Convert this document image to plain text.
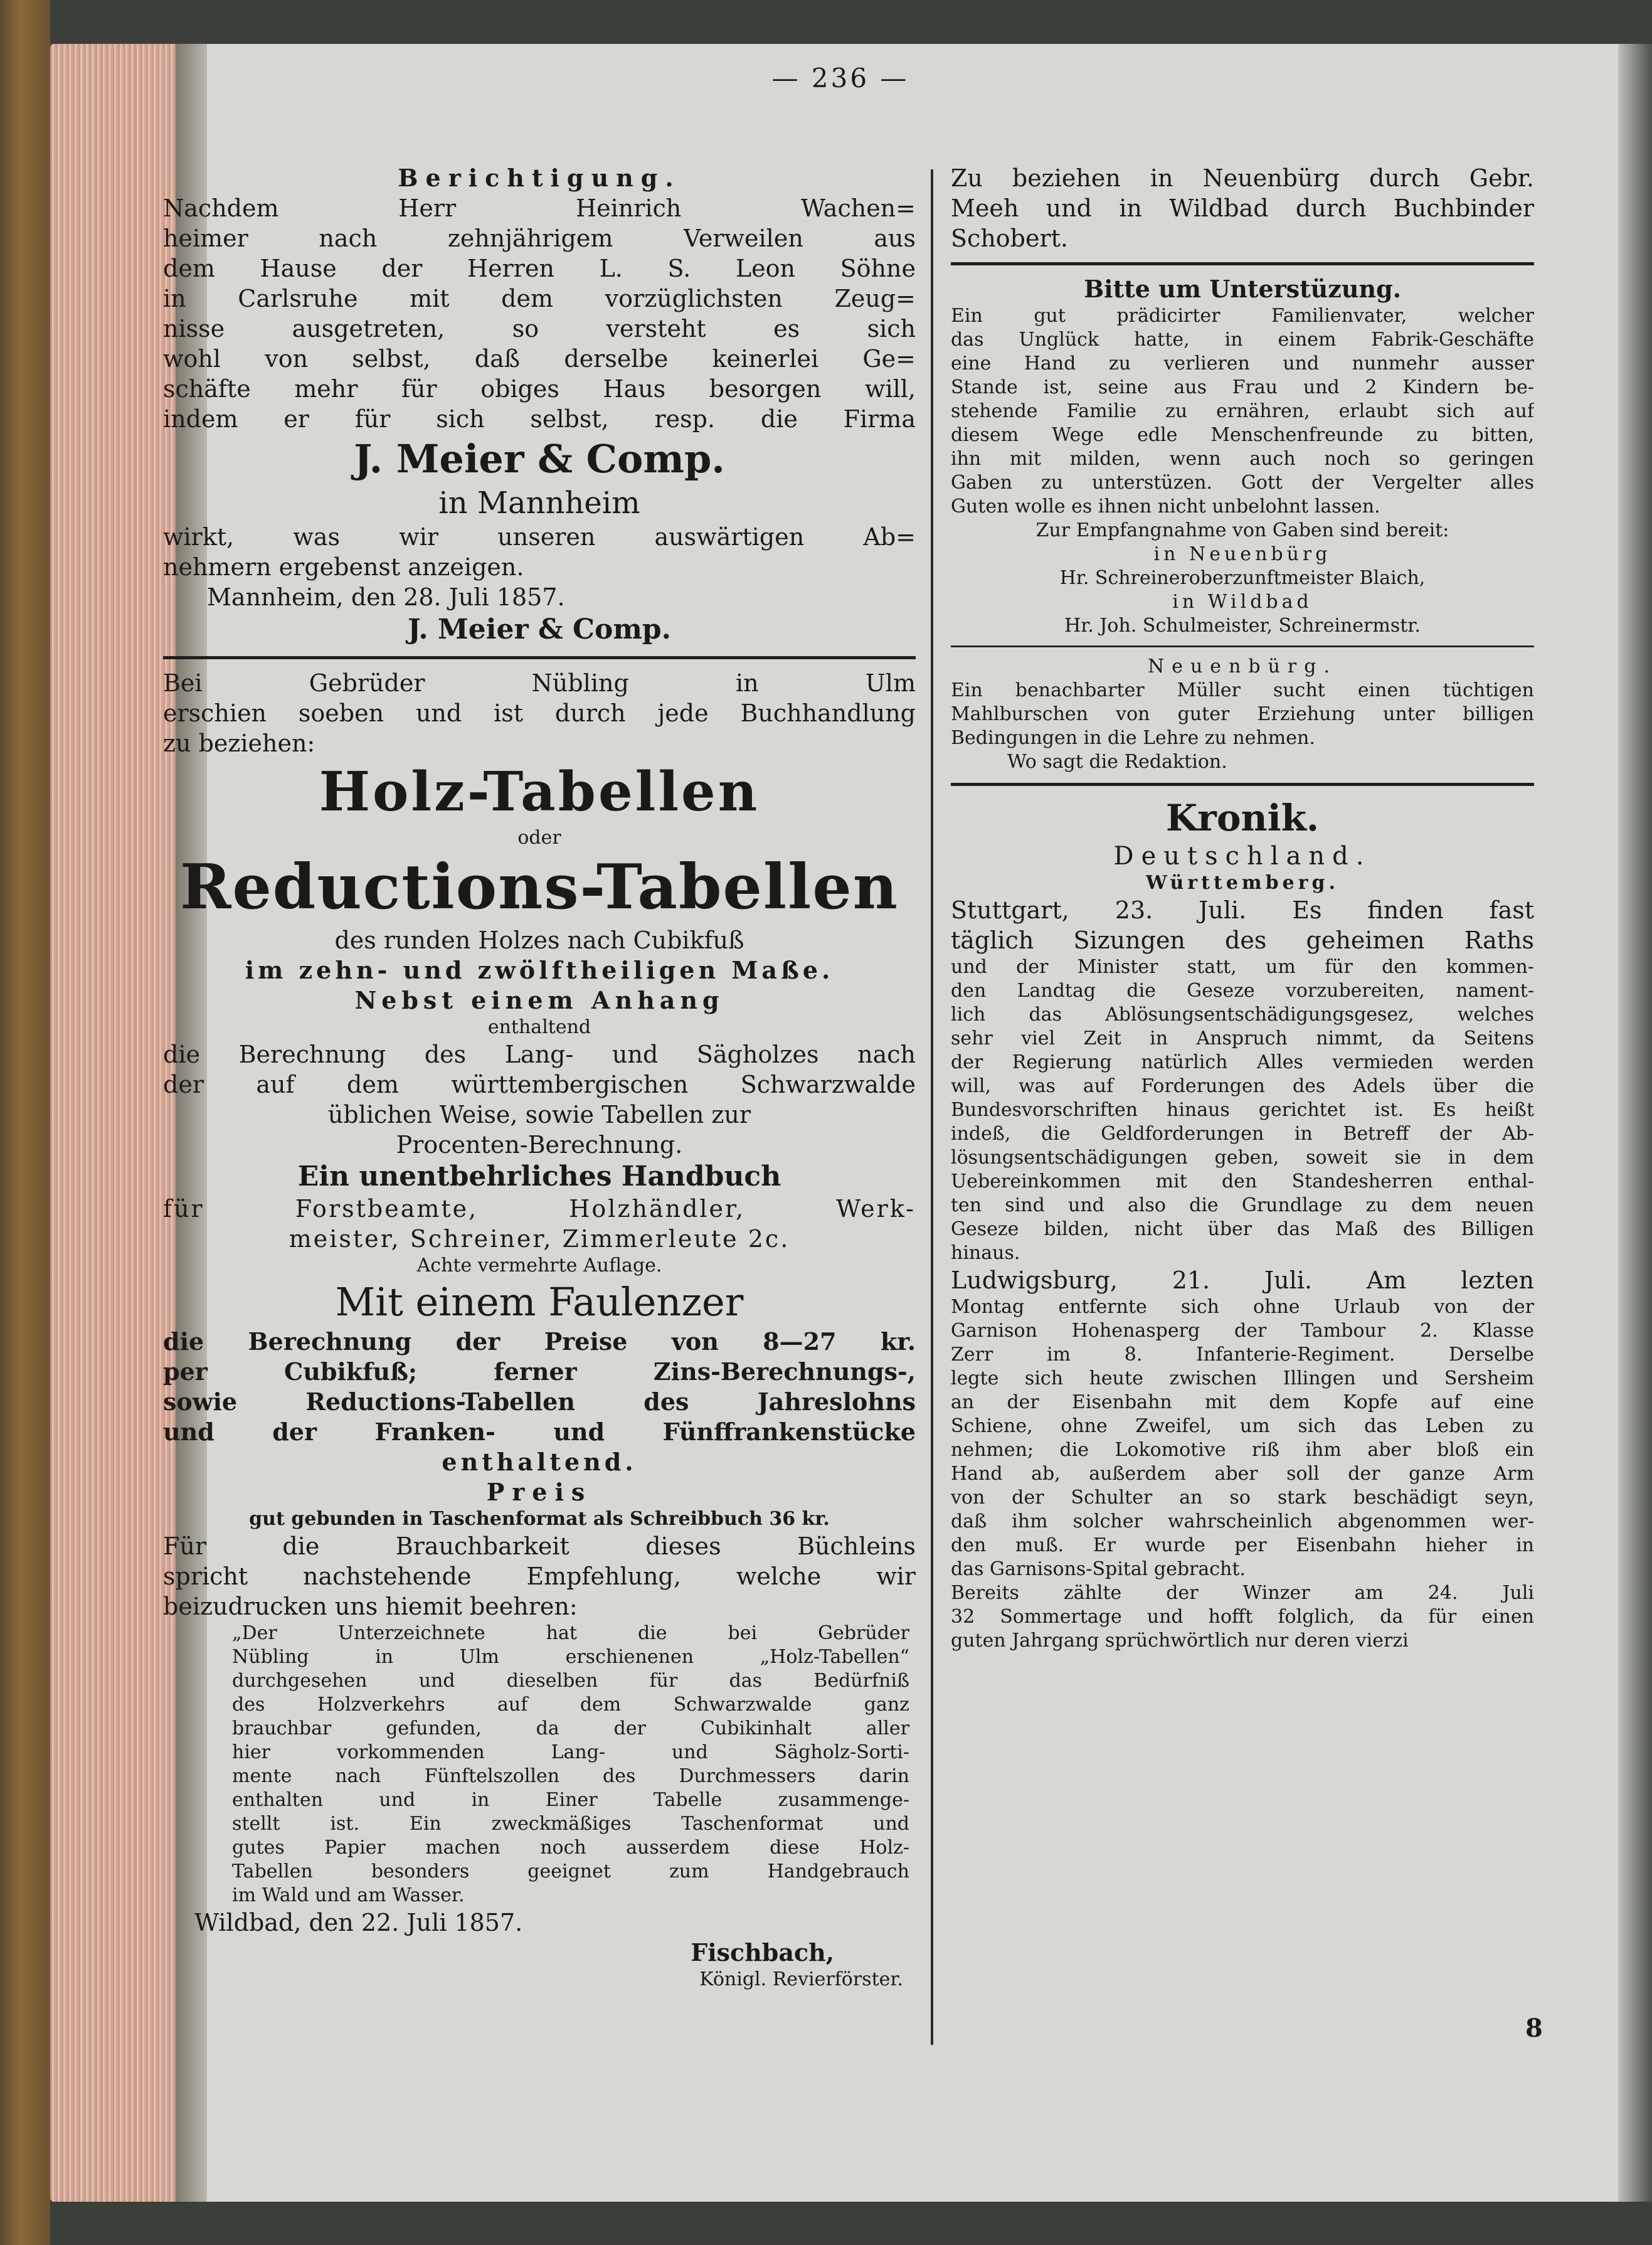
— 236 —
Berichtigung.
Nachdem Herr Heinrich Wachen=
heimer nach zehnjährigem Verweilen aus
dem Hause der Herren L. S. Leon Söhne
in Carlsruhe mit dem vorzüglichsten Zeug=
nisse ausgetreten, so versteht es sich
wohl von selbst, daß derselbe keinerlei Ge=
schäfte mehr für obiges Haus besorgen will,
indem er für sich selbst, resp. die Firma
J. Meier & Comp.
in Mannheim
wirkt, was wir unseren auswärtigen Ab=
nehmern ergebenst anzeigen.
Mannheim, den 28. Juli 1857.
J. Meier & Comp.
Bei Gebrüder Nübling in Ulm
erschien soeben und ist durch jede Buchhandlung
zu beziehen:
Holz-Tabellen
oder
Reductions-Tabellen
des runden Holzes nach Cubikfuß
im zehn- und zwölftheiligen Maße.
Nebst einem Anhang
enthaltend
die Berechnung des Lang- und Sägholzes nach
der auf dem württembergischen Schwarzwalde
üblichen Weise, sowie Tabellen zur
Procenten-Berechnung.
Ein unentbehrliches Handbuch
für Forstbeamte, Holzhändler, Werk-
meister, Schreiner, Zimmerleute 2c.
Achte vermehrte Auflage.
Mit einem Faulenzer
die Berechnung der Preise von 8—27 kr.
per Cubikfuß; ferner Zins-Berechnungs-,
sowie Reductions-Tabellen des Jahreslohns
und der Franken- und Fünffrankenstücke
enthaltend.
Preis
gut gebunden in Taschenformat als Schreibbuch 36 kr.
Für die Brauchbarkeit dieses Büchleins
spricht nachstehende Empfehlung, welche wir
beizudrucken uns hiemit beehren:
„Der Unterzeichnete hat die bei Gebrüder
Nübling in Ulm erschienenen „Holz-Tabellen“
durchgesehen und dieselben für das Bedürfniß
des Holzverkehrs auf dem Schwarzwalde ganz
brauchbar gefunden, da der Cubikinhalt aller
hier vorkommenden Lang- und Sägholz-Sorti-
mente nach Fünftelszollen des Durchmessers darin
enthalten und in Einer Tabelle zusammenge-
stellt ist. Ein zweckmäßiges Taschenformat und
gutes Papier machen noch ausserdem diese Holz-
Tabellen besonders geeignet zum Handgebrauch
im Wald und am Wasser.
Wildbad, den 22. Juli 1857.
Fischbach,
Königl. Revierförster.
Zu beziehen in Neuenbürg durch Gebr.
Meeh und in Wildbad durch Buchbinder
Schobert.
Bitte um Unterstüzung.
Ein gut prädicirter Familienvater, welcher
das Unglück hatte, in einem Fabrik-Geschäfte
eine Hand zu verlieren und nunmehr ausser
Stande ist, seine aus Frau und 2 Kindern be-
stehende Familie zu ernähren, erlaubt sich auf
diesem Wege edle Menschenfreunde zu bitten,
ihn mit milden, wenn auch noch so geringen
Gaben zu unterstüzen. Gott der Vergelter alles
Guten wolle es ihnen nicht unbelohnt lassen.
Zur Empfangnahme von Gaben sind bereit:
in Neuenbürg
Hr. Schreineroberzunftmeister Blaich,
in Wildbad
Hr. Joh. Schulmeister, Schreinermstr.
Neuenbürg.
Ein benachbarter Müller sucht einen tüchtigen
Mahlburschen von guter Erziehung unter billigen
Bedingungen in die Lehre zu nehmen.
Wo sagt die Redaktion.
Kronik.
Deutschland.
Württemberg.
Stuttgart, 23. Juli. Es finden fast
täglich Sizungen des geheimen Raths
und der Minister statt, um für den kommen-
den Landtag die Geseze vorzubereiten, nament-
lich das Ablösungsentschädigungsgesez, welches
sehr viel Zeit in Anspruch nimmt, da Seitens
der Regierung natürlich Alles vermieden werden
will, was auf Forderungen des Adels über die
Bundesvorschriften hinaus gerichtet ist. Es heißt
indeß, die Geldforderungen in Betreff der Ab-
lösungsentschädigungen geben, soweit sie in dem
Uebereinkommen mit den Standesherren enthal-
ten sind und also die Grundlage zu dem neuen
Geseze bilden, nicht über das Maß des Billigen
hinaus.
Ludwigsburg, 21. Juli. Am lezten
Montag entfernte sich ohne Urlaub von der
Garnison Hohenasperg der Tambour 2. Klasse
Zerr im 8. Infanterie-Regiment. Derselbe
legte sich heute zwischen Illingen und Sersheim
an der Eisenbahn mit dem Kopfe auf eine
Schiene, ohne Zweifel, um sich das Leben zu
nehmen; die Lokomotive riß ihm aber bloß ein
Hand ab, außerdem aber soll der ganze Arm
von der Schulter an so stark beschädigt seyn,
daß ihm solcher wahrscheinlich abgenommen wer-
den muß. Er wurde per Eisenbahn hieher in
das Garnisons-Spital gebracht.
Bereits zählte der Winzer am 24. Juli
32 Sommertage und hofft folglich, da für einen
guten Jahrgang sprüchwörtlich nur deren vierzi
8
